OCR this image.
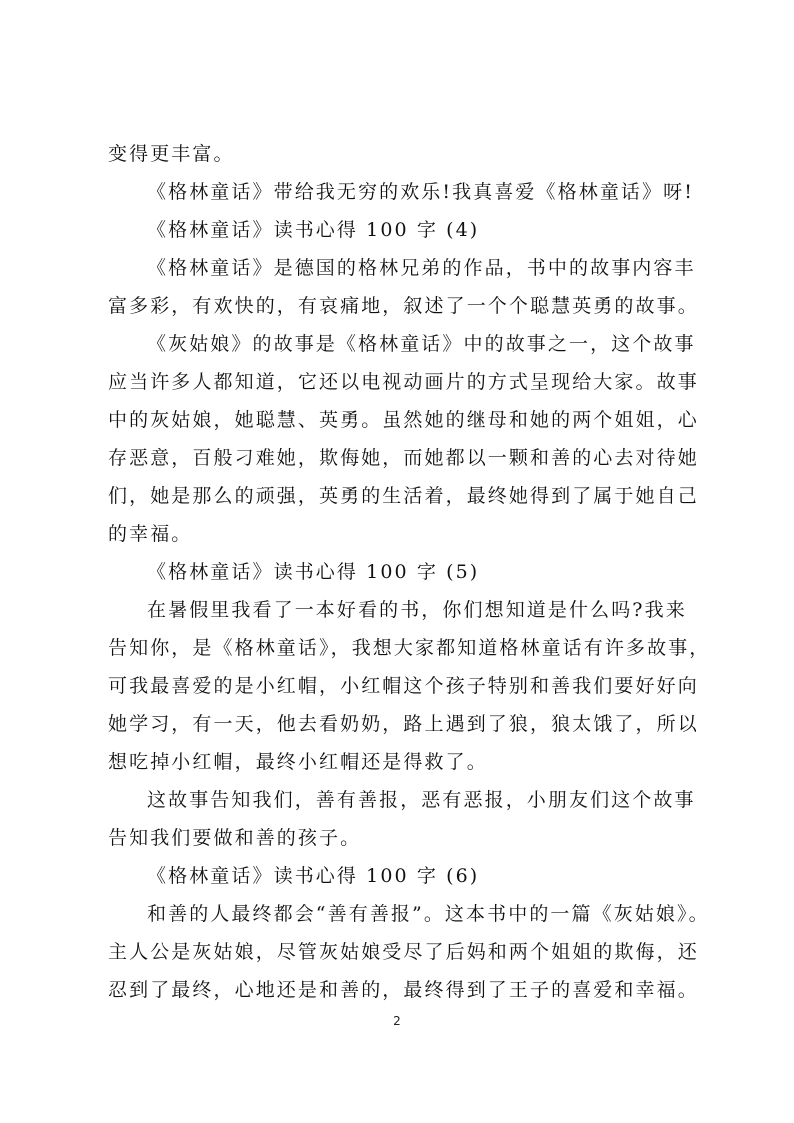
变得更丰富。
《格林童话》带给我无穷的欢乐!我真喜爱《格林童话》呀!
《格林童话》读书心得 100 字 (4)
《格林童话》是德国的格林兄弟的作品，书中的故事内容丰
富多彩，有欢快的，有哀痛地，叙述了一个个聪慧英勇的故事。
《灰姑娘》的故事是《格林童话》中的故事之一，这个故事
应当许多人都知道，它还以电视动画片的方式呈现给大家。故事
中的灰姑娘，她聪慧、英勇。虽然她的继母和她的两个姐姐，心
存恶意，百般刁难她，欺侮她，而她都以一颗和善的心去对待她
们，她是那么的顽强，英勇的生活着，最终她得到了属于她自己
的幸福。
《格林童话》读书心得 100 字 (5)
在暑假里我看了一本好看的书，你们想知道是什么吗?我来
告知你，是《格林童话》，我想大家都知道格林童话有许多故事，
可我最喜爱的是小红帽，小红帽这个孩子特别和善我们要好好向
她学习，有一天，他去看奶奶，路上遇到了狼，狼太饿了，所以
想吃掉小红帽，最终小红帽还是得救了。
这故事告知我们，善有善报，恶有恶报，小朋友们这个故事
告知我们要做和善的孩子。
《格林童话》读书心得 100 字 (6)
和善的人最终都会“善有善报”。这本书中的一篇《灰姑娘》。
主人公是灰姑娘，尽管灰姑娘受尽了后妈和两个姐姐的欺侮，还
忍到了最终，心地还是和善的，最终得到了王子的喜爱和幸福。
2
